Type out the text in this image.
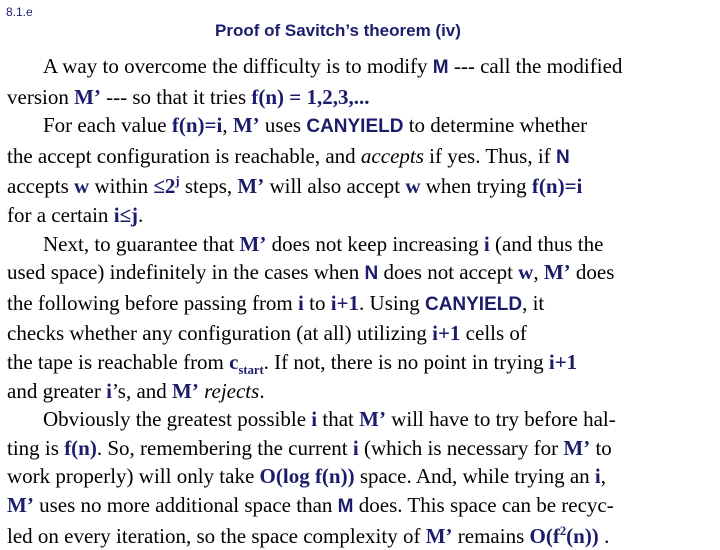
8.1.e
Proof of Savitch’s theorem (iv)
A way to overcome the difficulty is to modify M --- call the modified
version M’ --- so that it tries f(n) = 1,2,3,...
For each value f(n)=i, M’ uses CANYIELD to determine whether
the accept configuration is reachable, and accepts if yes. Thus, if N
accepts w within $\le 2^j$ steps, M’ will also accept w when trying f(n)=i
for a certain i≤j.
Next, to guarantee that M’ does not keep increasing i (and thus the
used space) indefinitely in the cases when N does not accept w, M’ does
the following before passing from i to i+1. Using CANYIELD, it
checks whether any configuration (at all) utilizing i+1 cells of
the tape is reachable from $c_{start}$. If not, there is no point in trying i+1
and greater i’s, and M’ rejects.
Obviously the greatest possible i that M’ will have to try before hal-
ting is f(n). So, remembering the current i (which is necessary for M’ to
work properly) will only take O(log f(n)) space. And, while trying an i,
M’ uses no more additional space than M does. This space can be recyc-
led on every iteration, so the space complexity of M’ remains $O(f^2(n))$ .
